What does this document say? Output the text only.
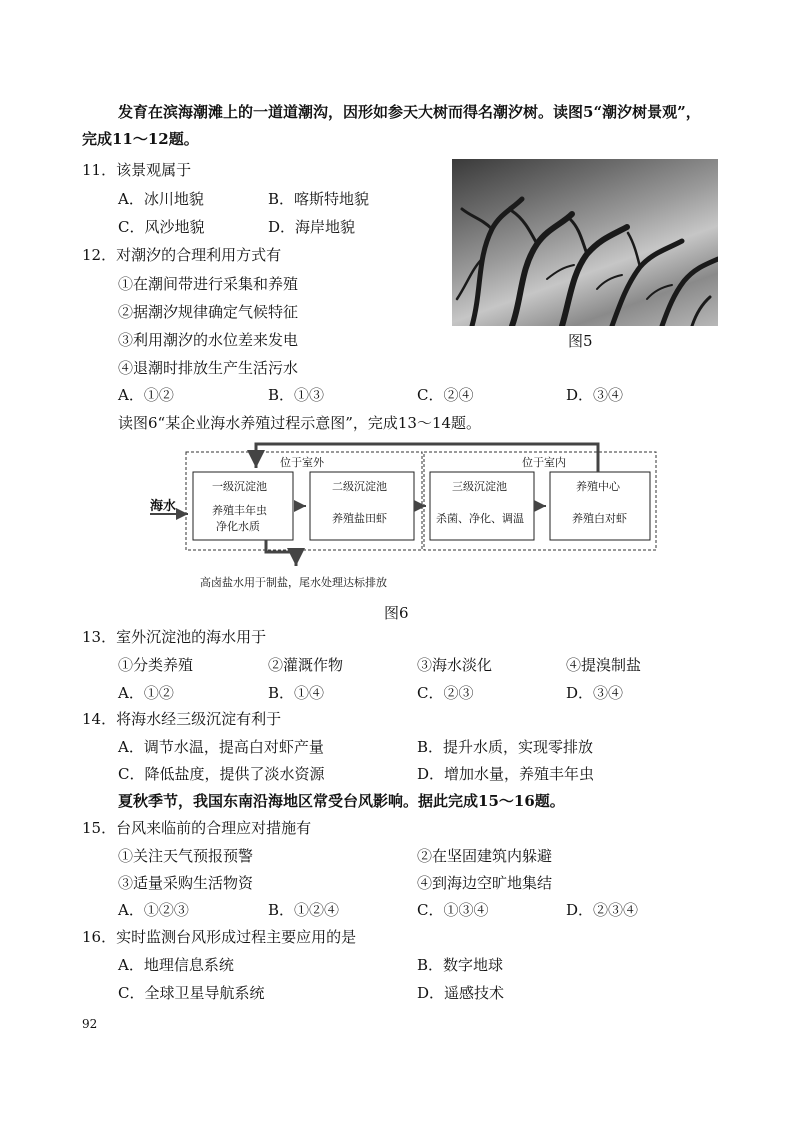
发育在滨海潮滩上的一道道潮沟，因形如参天大树而得名潮汐树。读图5“潮汐树景观”，
完成11～12题。
11．该景观属于
A．冰川地貌	B．喀斯特地貌
C．风沙地貌	D．海岸地貌
图5
12．对潮汐的合理利用方式有
①在潮间带进行采集和养殖
②据潮汐规律确定气候特征
③利用潮汐的水位差来发电
④退潮时排放生产生活污水
A．①②	B．①③	C．②④	D．③④
读图6“某企业海水养殖过程示意图”，完成13～14题。
位于室外	位于室内
一级沉淀池
养殖丰年虫
净化水质
二级沉淀池
养殖盐田虾
三级沉淀池
杀菌、净化、调温
养殖中心
养殖白对虾
海水
高卤盐水用于制盐，尾水处理达标排放
图6
13．室外沉淀池的海水用于
①分类养殖	②灌溉作物	③海水淡化	④提溴制盐
A．①②	B．①④	C．②③	D．③④
14．将海水经三级沉淀有利于
A．调节水温，提高白对虾产量	B．提升水质，实现零排放
C．降低盐度，提供了淡水资源	D．增加水量，养殖丰年虫
夏秋季节，我国东南沿海地区常受台风影响。据此完成15～16题。
15．台风来临前的合理应对措施有
①关注天气预报预警	②在坚固建筑内躲避
③适量采购生活物资	④到海边空旷地集结
A．①②③	B．①②④	C．①③④	D．②③④
16．实时监测台风形成过程主要应用的是
A．地理信息系统	B．数字地球
C．全球卫星导航系统	D．遥感技术
92
